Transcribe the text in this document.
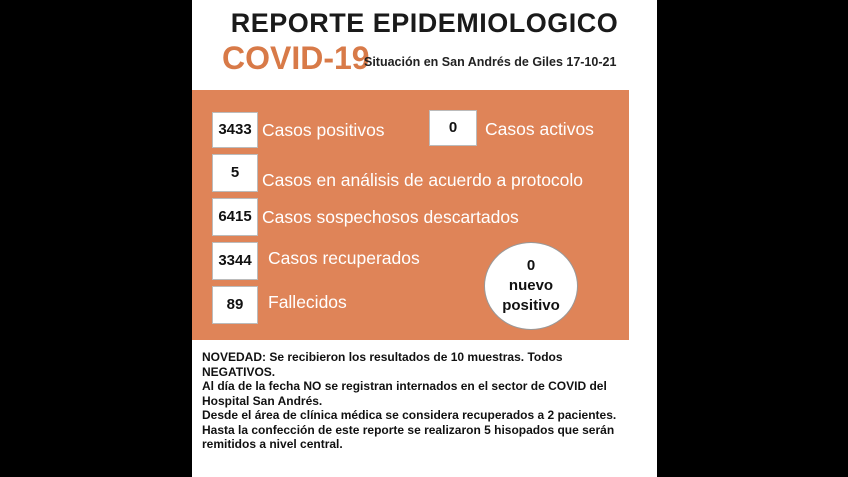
REPORTE EPIDEMIOLOGICO
COVID-19
Situación en San Andrés de Giles 17-10-21
3433 Casos positivos	0	Casos activos
5	Casos en análisis de acuerdo a protocolo
6415 Casos sospechosos descartados
3344 Casos recuperados
89	Fallecidos
0
nuevo
positivo
NOVEDAD: Se recibieron los resultados de 10 muestras. Todos NEGATIVOS.
Al día de la fecha NO se registran internados en el sector de COVID del Hospital San Andrés.
Desde el área de clínica médica se considera recuperados a 2 pacientes.
Hasta la confección de este reporte se realizaron 5 hisopados que serán remitidos a nivel central.
